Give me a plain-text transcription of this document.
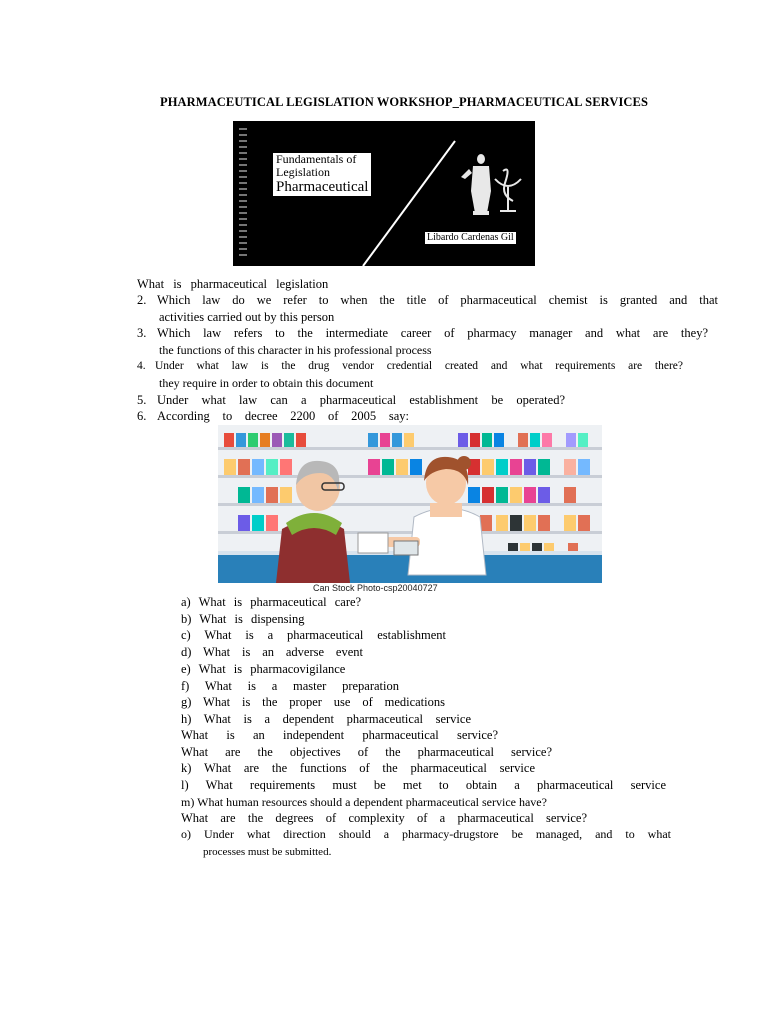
PHARMACEUTICAL LEGISLATION WORKSHOP_PHARMACEUTICAL SERVICES
Fundamentals of
Legislation
Pharmaceutical
Libardo Cardenas Gil
What is pharmaceutical legislation
2. Which law do we refer to when the title of pharmaceutical chemist is granted and that
activities carried out by this person
3. Which law refers to the intermediate career of pharmacy manager and what are they?
the functions of this character in his professional process
4. Under what law is the drug vendor credential created and what requirements are there?
they require in order to obtain this document
5. Under what law can a pharmaceutical establishment be operated?
6. According to decree 2200 of 2005 say:
Can Stock Photo-csp20040727
a) What is pharmaceutical care?
b) What is dispensing
c) What is a pharmaceutical establishment
d) What is an adverse event
e) What is pharmacovigilance
f) What is a master preparation
g) What is the proper use of medications
h) What is a dependent pharmaceutical service
What is an independent pharmaceutical service?
What are the objectives of the pharmaceutical service?
k) What are the functions of the pharmaceutical service
l) What requirements must be met to obtain a pharmaceutical service
m) What human resources should a dependent pharmaceutical service have?
What are the degrees of complexity of a pharmaceutical service?
o) Under what direction should a pharmacy-drugstore be managed, and to what
processes must be submitted.
